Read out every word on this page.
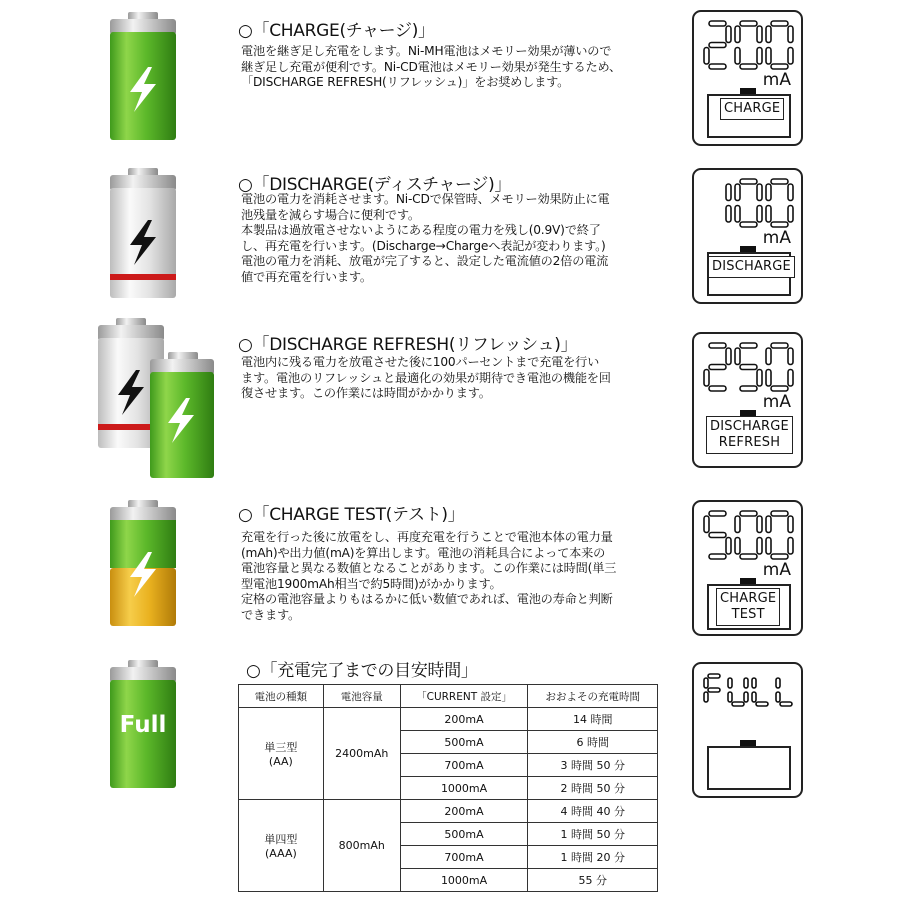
○「CHARGE(チャージ)」
電池を継ぎ足し充電をします。Ni-MH電池はメモリー効果が薄いので
継ぎ足し充電が便利です。Ni-CD電池はメモリー効果が発生するため、
「DISCHARGE REFRESH(リフレッシュ)」をお奨めします。	mA
CHARGE
○「DISCHARGE(ディスチャージ)」
電池の電力を消耗させます。Ni-CDで保管時、メモリー効果防止に電
池残量を減らす場合に便利です。
本製品は過放電させないようにある程度の電力を残し(0.9V)で終了
し、再充電を行います。(Discharge→Chargeへ表記が変わります。)
電池の電力を消耗、放電が完了すると、設定した電流値の2倍の電流
値で再充電を行います。
mA
DISCHARGE
○「DISCHARGE REFRESH(リフレッシュ)」
電池内に残る電力を放電させた後に100パーセントまで充電を行い
ます。電池のリフレッシュと最適化の効果が期待でき電池の機能を回
復させます。この作業には時間がかかります。	mA
DISCHARGE
REFRESH
○「CHARGE TEST(テスト)」
充電を行った後に放電をし、再度充電を行うことで電池本体の電力量
(mAh)や出力値(mA)を算出します。電池の消耗具合によって本来の
電池容量と異なる数値となることがあります。この作業には時間(単三
型電池1900mAh相当で約5時間)がかかります。
定格の電池容量よりもはるかに低い数値であれば、電池の寿命と判断
できます。
mA
CHARGE
TEST
Full
○「充電完了までの目安時間」
電池の種類	電池容量	「CURRENT 設定」	おおよその充電時間

単三型
(AA)	2400mAh	200mA	14 時間
		500mA	6 時間
		700mA	3 時間 50 分
		1000mA	2 時間 50 分

単四型
(AAA)	800mAh	200mA	4 時間 40 分
		500mA	1 時間 50 分
		700mA	1 時間 20 分
		1000mA	55 分
